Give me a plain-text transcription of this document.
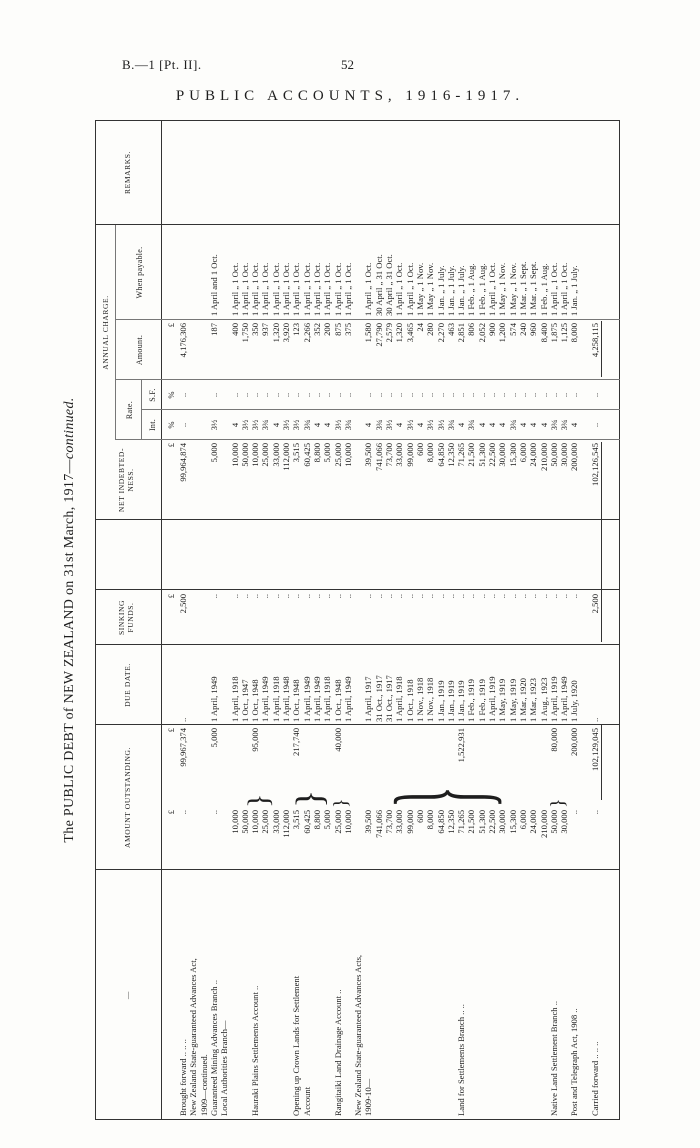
B.—1 [Pt. II].	52
PUBLIC ACCOUNTS, 1916-1917.
The PUBLIC DEBT of NEW ZEALAND on 31st March, 1917—continued.
—
AMOUNT OUTSTANDING.
DUE DATE.
SINKING FUNDS.
NET INDEBTED-NESS.
ANNUAL CHARGE.
Rate.
Int.
S.F.
Amount.
When payable.
REMARKS.
£
£
£
£
%
%
£
Brought forward .. .. ..
..
99,967,374
..
2,500
99,964,874
..
..
4,176,306
New Zealand State-guaranteed Advances Act, 1909—continued. Guaranteed Mining Advances Branch ..
..
5,000
1 April, 1949
..
5,000
3½
..
187
1 April and 1 Oct.
Local Authorities Branch—
10,000
1 April, 1918
..
10,000
4
..
400
1 April „ 1 Oct.
50,000
1 Oct., 1947
..
50,000
3½
..
1,750
1 April „ 1 Oct.
Hauraki Plains Settlements Account ..
10,000
95,000
1 Oct., 1948
..
10,000
3½
..
350
1 April „ 1 Oct.
25,000
1 April, 1949
..
25,000
3¾
..
937
1 April „ 1 Oct.
33,000
1 April, 1918
..
33,000
4
..
1,320
1 April „ 1 Oct.
112,000
1 April, 1948
..
112,000
3½
..
3,920
1 April „ 1 Oct.
Opening up Crown Lands for Settlement
3,515
217,740
1 Oct., 1948
..
3,515
3½
..
123
1 April „ 1 Oct.
Account
60,425
1 April, 1949
..
60,425
3¾
..
2,266
1 April „ 1 Oct.
8,800
1 April, 1949
..
8,800
4
..
352
1 April „ 1 Oct.
5,000
1 April, 1918
..
5,000
4
..
200
1 April „ 1 Oct.
Rangitaiki Land Drainage Account ..
25,000
40,000
1 Oct., 1948
..
25,000
3½
..
875
1 April „ 1 Oct.
10,000
1 April, 1949
..
10,000
3¾
..
375
1 April „ 1 Oct.
New Zealand State-guaranteed Advances Acts, 1909-10—
39,500
1 April, 1917
..
39,500
4
..
1,580
1 April „ 1 Oct.
741,066
31 Oct., 1917
..
741,066
3¾
..
27,790
30 April „ 31 Oct.
73,700
31 Oct., 1917
..
73,700
3½
..
2,579
30 April „ 31 Oct.
33,000
1 April, 1918
..
33,000
4
..
1,320
1 April „ 1 Oct.
99,000
1 Oct., 1918
..
99,000
3½
..
3,465
1 April „ 1 Oct.
600
1 Nov., 1918
..
600
4
..
24
1 May „ 1 Nov.
8,000
1 Nov., 1918
..
8,000
3½
..
280
1 May „ 1 Nov.
64,850
1 Jan., 1919
..
64,850
3½
..
2,270
1 Jan. „ 1 July.
12,350
1 Jan., 1919
..
12,350
3¾
..
463
1 Jan. „ 1 July.
Land for Settlements Branch .. ..
71,265
1,522,931
1 Jan., 1919
..
71,265
4
..
2,851
1 Jan. „ 1 July.
21,500
1 Feb., 1919
..
21,500
3¾
..
806
1 Feb. „ 1 Aug.
51,300
1 Feb., 1919
..
51,300
4
..
2,052
1 Feb. „ 1 Aug.
22,500
1 April, 1919
..
22,500
4
..
900
1 April „ 1 Oct.
30,000
1 May, 1919
..
30,000
4
..
1,200
1 May „ 1 Nov.
15,300
1 May, 1919
..
15,300
3¾
..
574
1 May „ 1 Nov.
6,000
1 Mar., 1920
..
6,000
4
..
240
1 Mar. „ 1 Sept.
24,000
1 Mar., 1923
..
24,000
4
..
960
1 Mar. „ 1 Sept.
210,000
1 Aug., 1923
..
210,000
4
..
8,400
1 Feb. „ 1 Aug.
Native Land Settlement Branch ..
50,000
80,000
1 April, 1919
..
50,000
3¾
..
1,875
1 April „ 1 Oct.
30,000
1 April, 1949
..
30,000
3¾
..
1,125
1 April „ 1 Oct.
Post and Telegraph Act, 1908 ..
..
200,000
1 July, 1920
..
200,000
4
..
8,000
1 Jan. „ 1 July.
Carried forward .. .. ..
..
102,129,045
..
2,500
102,126,545
..
..
4,258,115
} } } } }
